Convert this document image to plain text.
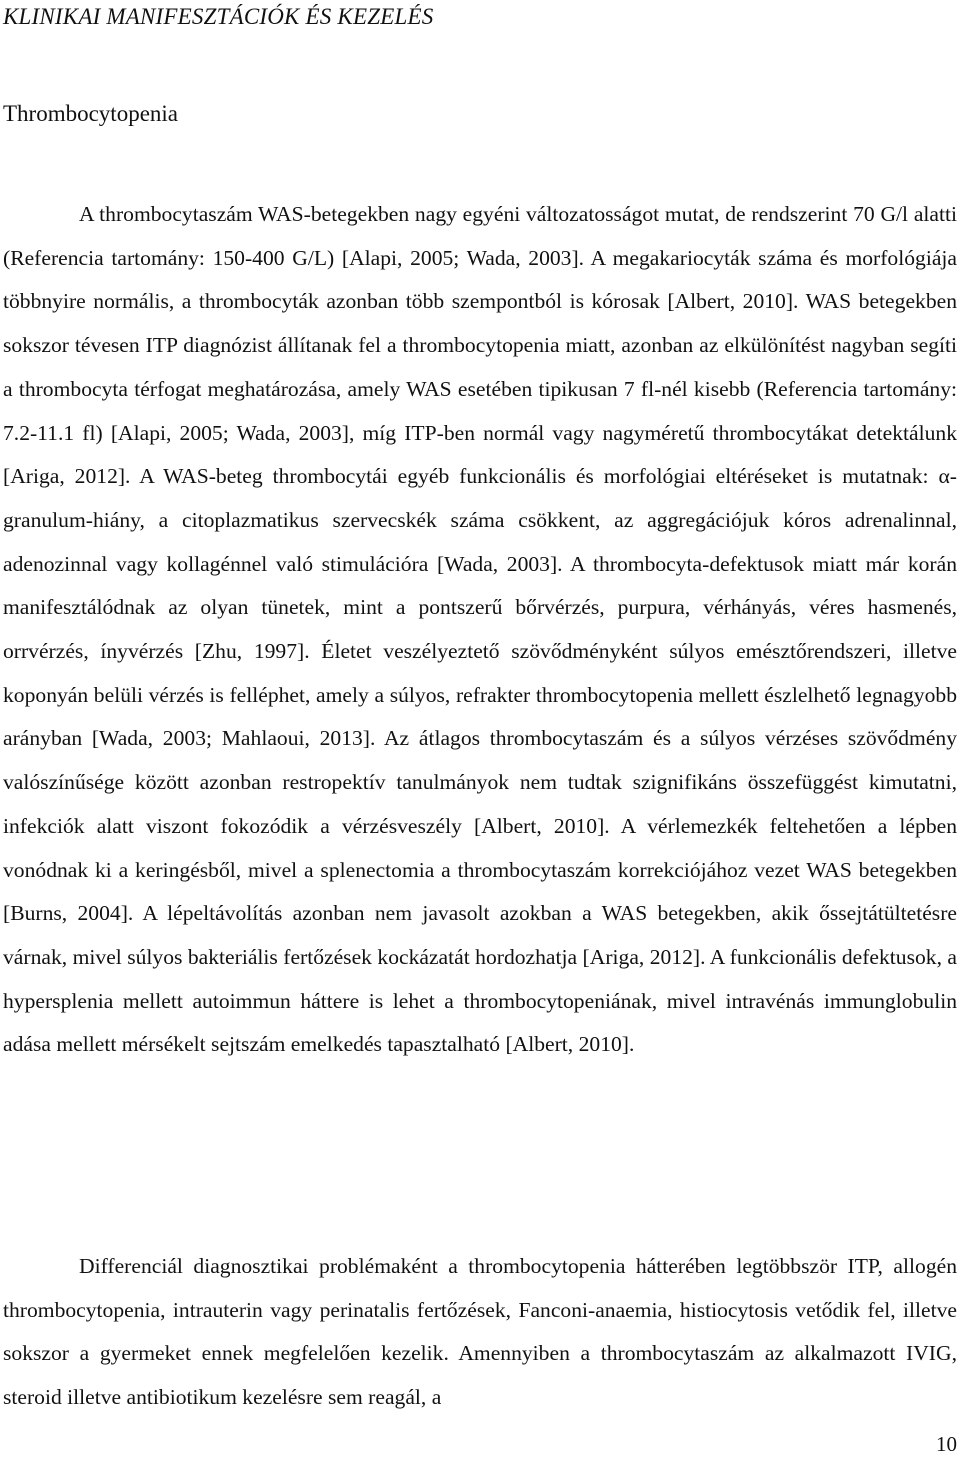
KLINIKAI MANIFESZTÁCIÓK ÉS KEZELÉS
Thrombocytopenia

A thrombocytaszám WAS-betegekben nagy egyéni változatosságot mutat, de rendszerint 70 G/l alatti (Referencia tartomány: 150-400 G/L) [Alapi, 2005; Wada, 2003]. A megakariocyták száma és morfológiája többnyire normális, a thrombocyták azonban több szempontból is kórosak [Albert, 2010]. WAS betegekben sokszor tévesen ITP diagnózist állítanak fel a thrombocytopenia miatt, azonban az elkülönítést nagyban segíti a thrombocyta térfogat meghatározása, amely WAS esetében tipikusan 7 fl-nél kisebb (Referencia tartomány: 7.2-11.1 fl) [Alapi, 2005; Wada, 2003], míg ITP-ben normál vagy nagyméretű thrombocytákat detektálunk [Ariga, 2012]. A WAS-beteg thrombocytái egyéb funkcionális és morfológiai eltéréseket is mutatnak: α-granulum-hiány, a citoplazmatikus szervecskék száma csökkent, az aggregációjuk kóros adrenalinnal, adenozinnal vagy kollagénnel való stimulációra [Wada, 2003]. A thrombocyta-defektusok miatt már korán manifesztálódnak az olyan tünetek, mint a pontszerű bőrvérzés, purpura, vérhányás, véres hasmenés, orrvérzés, ínyvérzés [Zhu, 1997]. Életet veszélyeztető szövődményként súlyos emésztőrendszeri, illetve koponyán belüli vérzés is felléphet, amely a súlyos, refrakter thrombocytopenia mellett észlelhető legnagyobb arányban [Wada, 2003; Mahlaoui, 2013]. Az átlagos thrombocytaszám és a súlyos vérzéses szövődmény valószínűsége között azonban restropektív tanulmányok nem tudtak szignifikáns összefüggést kimutatni, infekciók alatt viszont fokozódik a vérzésveszély [Albert, 2010]. A vérlemezkék feltehetően a lépben vonódnak ki a keringésből, mivel a splenectomia a thrombocytaszám korrekciójához vezet WAS betegekben [Burns, 2004]. A lépeltávolítás azonban nem javasolt azokban a WAS betegekben, akik őssejtátültetésre várnak, mivel súlyos bakteriális fertőzések kockázatát hordozhatja [Ariga, 2012]. A funkcionális defektusok, a hypersplenia mellett autoimmun háttere is lehet a thrombocytopeniának, mivel intravénás immunglobulin adása mellett mérsékelt sejtszám emelkedés tapasztalható [Albert, 2010].

Differenciál diagnosztikai problémaként a thrombocytopenia hátterében legtöbbször ITP, allogén thrombocytopenia, intrauterin vagy perinatalis fertőzések, Fanconi-anaemia, histiocytosis vetődik fel, illetve sokszor a gyermeket ennek megfelelően kezelik. Amennyiben a thrombocytaszám az alkalmazott IVIG, steroid illetve antibiotikum kezelésre sem reagál, a

10
